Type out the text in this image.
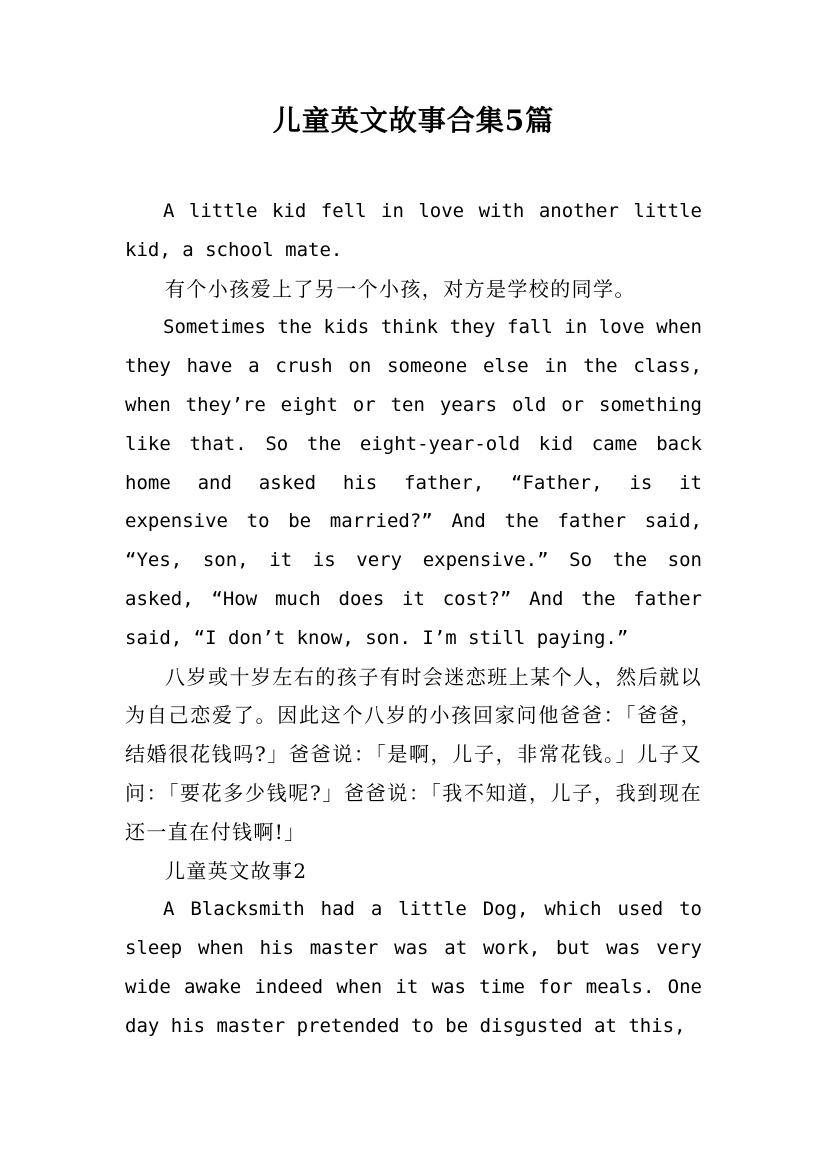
儿童英文故事合集5篇

A little kid fell in love with another little kid, a school mate.

有个小孩爱上了另一个小孩，对方是学校的同学。

Sometimes the kids think they fall in love when they have a crush on someone else in the class, when they’re eight or ten years old or something like that. So the eight-year-old kid came back home and asked his father, “Father, is it expensive to be married?” And the father said, “Yes, son, it is very expensive.” So the son asked, “How much does it cost?” And the father said, “I don’t know, son. I’m still paying.”

八岁或十岁左右的孩子有时会迷恋班上某个人，然后就以为自己恋爱了。因此这个八岁的小孩回家问他爸爸：「爸爸，结婚很花钱吗?」爸爸说：「是啊，儿子，非常花钱。」儿子又问：「要花多少钱呢?」爸爸说：「我不知道，儿子，我到现在还一直在付钱啊!」

儿童英文故事2

A Blacksmith had a little Dog, which used to sleep when his master was at work, but was very wide awake indeed when it was time for meals. One day his master pretended to be disgusted at this,
